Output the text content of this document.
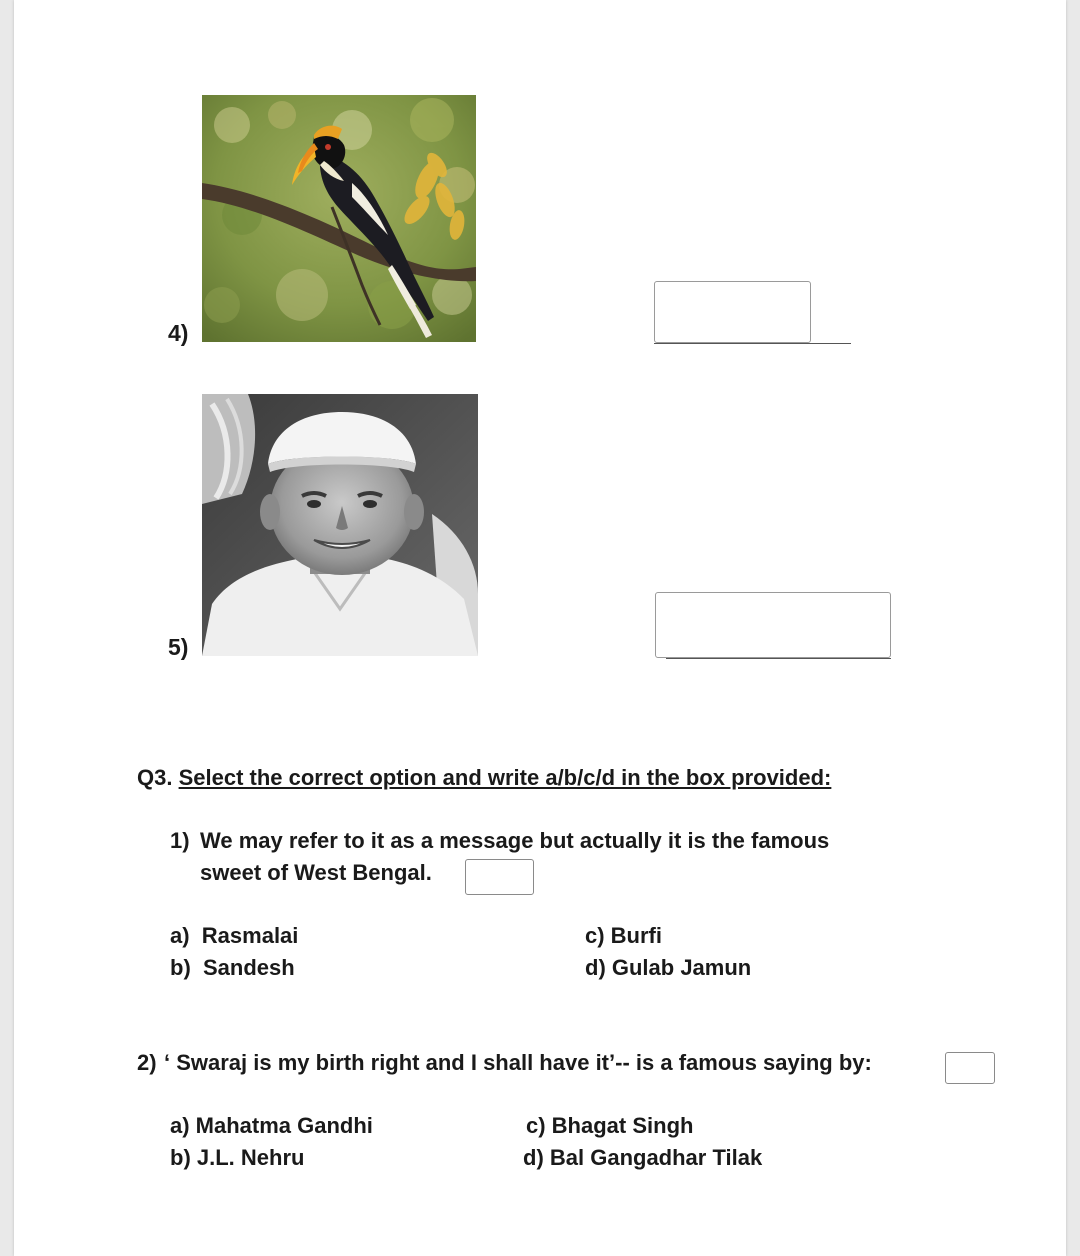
4)
5)
Q3. Select the correct option and write a/b/c/d in the box provided:
1) We may refer to it as a message but actually it is the famous
sweet of West Bengal.
a)  Rasmalai
b)  Sandesh
c) Burfi
d) Gulab Jamun
2) ‘ Swaraj is my birth right and I shall have it’-- is a famous saying by:
a) Mahatma Gandhi
b) J.L. Nehru
c) Bhagat Singh
d) Bal Gangadhar Tilak
